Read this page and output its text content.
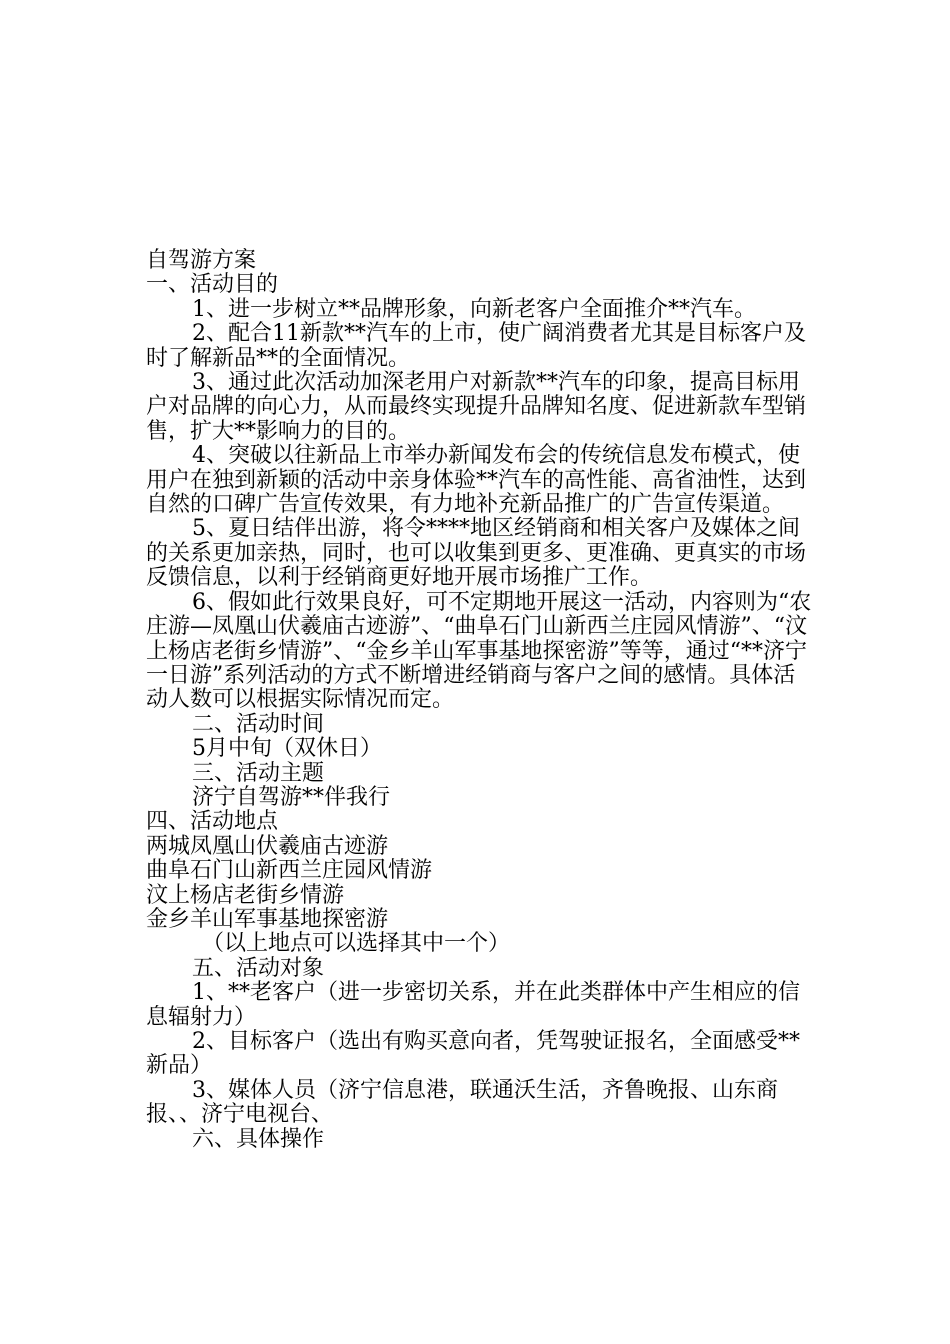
自驾游方案

一、活动目的

1、进一步树立**品牌形象，向新老客户全面推介**汽车。

2、配合11新款**汽车的上市，使广阔消费者尤其是目标客户及时了解新品**的全面情况。

3、通过此次活动加深老用户对新款**汽车的印象，提高目标用户对品牌的向心力，从而最终实现提升品牌知名度、促进新款车型销售，扩大**影响力的目的。

4、突破以往新品上市举办新闻发布会的传统信息发布模式，使用户在独到新颖的活动中亲身体验**汽车的高性能、高省油性，达到自然的口碑广告宣传效果，有力地补充新品推广的广告宣传渠道。

5、夏日结伴出游，将令****地区经销商和相关客户及媒体之间的关系更加亲热，同时，也可以收集到更多、更准确、更真实的市场反馈信息，以利于经销商更好地开展市场推广工作。

6、假如此行效果良好，可不定期地开展这一活动，内容则为“农庄游—凤凰山伏羲庙古迹游”、“曲阜石门山新西兰庄园风情游”、“汶上杨店老街乡情游”、“金乡羊山军事基地探密游”等等，通过“**济宁一日游”系列活动的方式不断增进经销商与客户之间的感情。具体活动人数可以根据实际情况而定。

二、活动时间

5月中旬（双休日）

三、活动主题

济宁自驾游**伴我行

四、活动地点

两城凤凰山伏羲庙古迹游

曲阜石门山新西兰庄园风情游

汶上杨店老街乡情游

金乡羊山军事基地探密游

（以上地点可以选择其中一个）

五、活动对象

1、**老客户（进一步密切关系，并在此类群体中产生相应的信息辐射力）

2、目标客户（选出有购买意向者，凭驾驶证报名，全面感受**新品）

3、媒体人员（济宁信息港，联通沃生活，齐鲁晚报、山东商报、、济宁电视台、

六、具体操作
